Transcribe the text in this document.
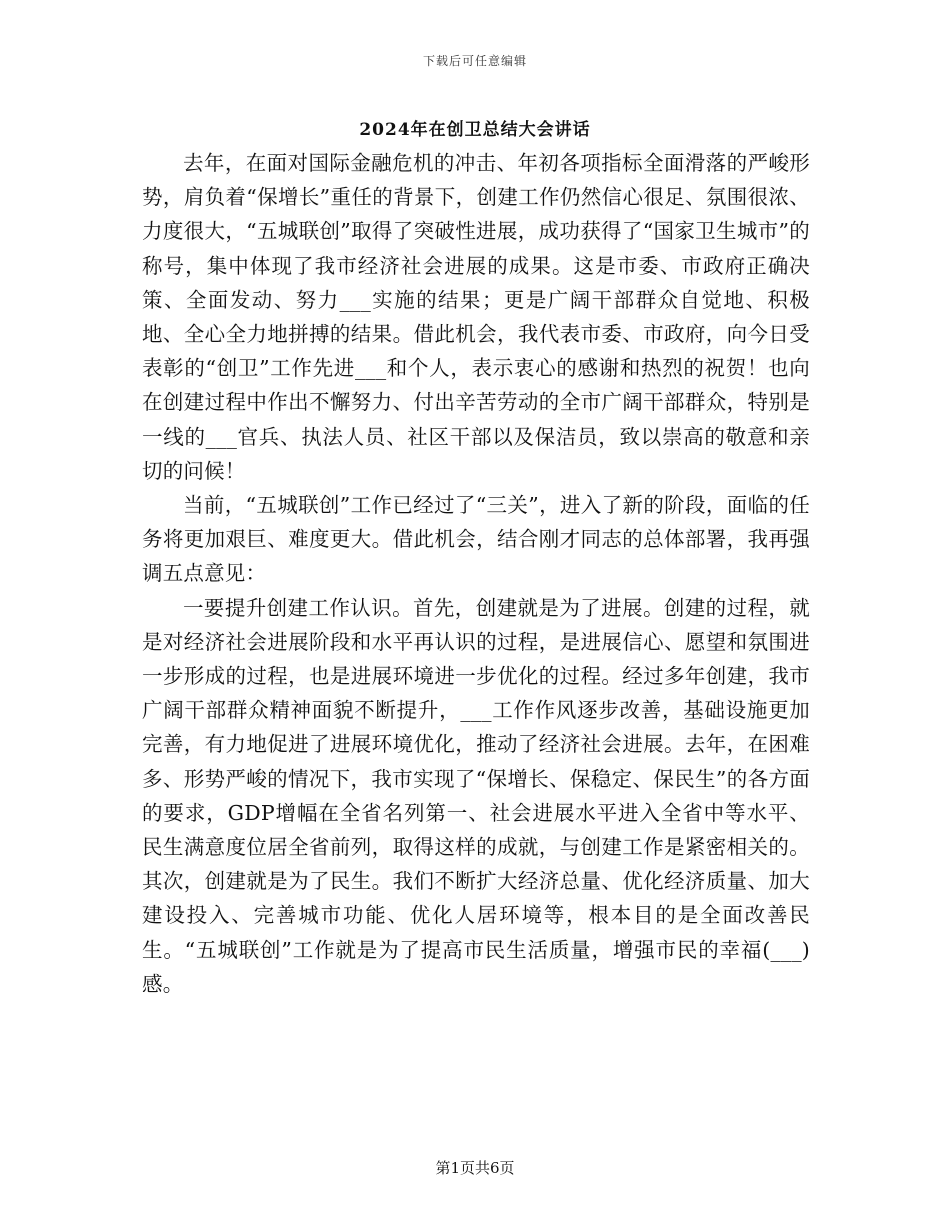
下载后可任意编辑
2024年在创卫总结大会讲话

去年，在面对国际金融危机的冲击、年初各项指标全面滑落的严峻形势，肩负着“保增长”重任的背景下，创建工作仍然信心很足、氛围很浓、力度很大，“五城联创”取得了突破性进展，成功获得了“国家卫生城市”的称号，集中体现了我市经济社会进展的成果。这是市委、市政府正确决策、全面发动、努力___实施的结果；更是广阔干部群众自觉地、积极地、全心全力地拼搏的结果。借此机会，我代表市委、市政府，向今日受表彰的“创卫”工作先进___和个人，表示衷心的感谢和热烈的祝贺！也向在创建过程中作出不懈努力、付出辛苦劳动的全市广阔干部群众，特别是一线的___官兵、执法人员、社区干部以及保洁员，致以崇高的敬意和亲切的问候！

当前，“五城联创”工作已经过了“三关”，进入了新的阶段，面临的任务将更加艰巨、难度更大。借此机会，结合刚才同志的总体部署，我再强调五点意见：

一要提升创建工作认识。首先，创建就是为了进展。创建的过程，就是对经济社会进展阶段和水平再认识的过程，是进展信心、愿望和氛围进一步形成的过程，也是进展环境进一步优化的过程。经过多年创建，我市广阔干部群众精神面貌不断提升，___工作作风逐步改善，基础设施更加完善，有力地促进了进展环境优化，推动了经济社会进展。去年，在困难多、形势严峻的情况下，我市实现了“保增长、保稳定、保民生”的各方面的要求，GDP增幅在全省名列第一、社会进展水平进入全省中等水平、民生满意度位居全省前列，取得这样的成就，与创建工作是紧密相关的。其次，创建就是为了民生。我们不断扩大经济总量、优化经济质量、加大建设投入、完善城市功能、优化人居环境等，根本目的是全面改善民生。“五城联创”工作就是为了提高市民生活质量，增强市民的幸福(___)感。

第1页共6页
